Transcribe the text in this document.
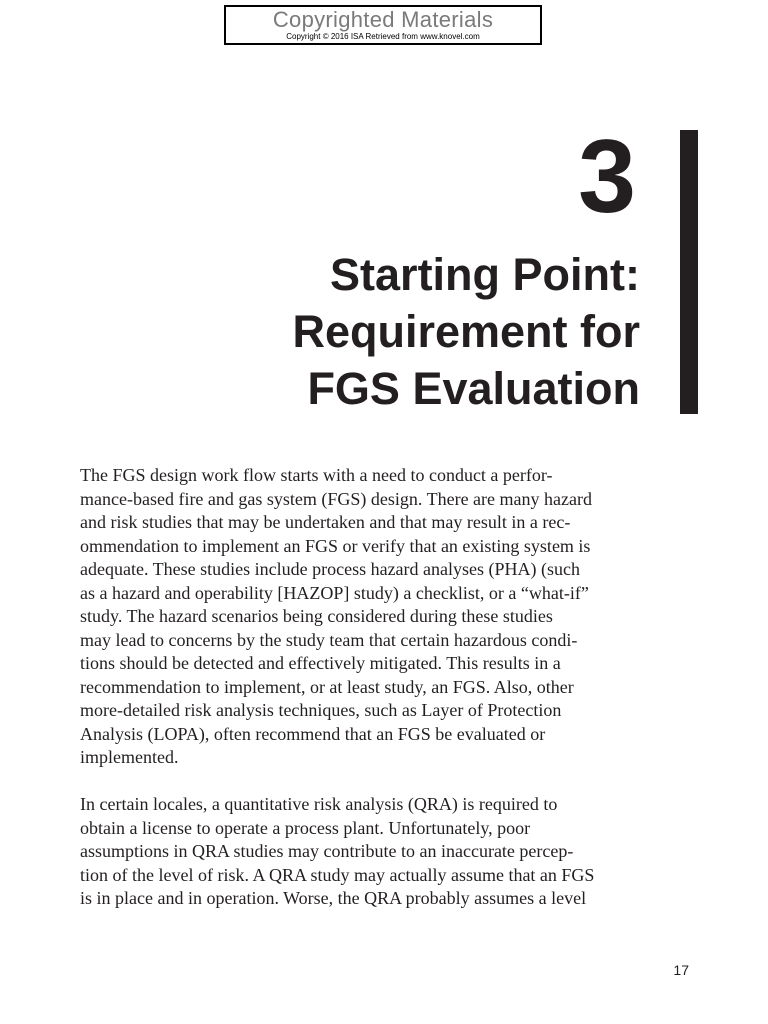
Copyrighted Materials
Copyright © 2016 ISA Retrieved from www.knovel.com
3
Starting Point:
Requirement for
FGS Evaluation

The FGS design work flow starts with a need to conduct a perfor-
mance-based fire and gas system (FGS) design. There are many hazard
and risk studies that may be undertaken and that may result in a rec-
ommendation to implement an FGS or verify that an existing system is
adequate. These studies include process hazard analyses (PHA) (such
as a hazard and operability [HAZOP] study) a checklist, or a “what-if”
study. The hazard scenarios being considered during these studies
may lead to concerns by the study team that certain hazardous condi-
tions should be detected and effectively mitigated. This results in a
recommendation to implement, or at least study, an FGS. Also, other
more-detailed risk analysis techniques, such as Layer of Protection
Analysis (LOPA), often recommend that an FGS be evaluated or
implemented.

In certain locales, a quantitative risk analysis (QRA) is required to
obtain a license to operate a process plant. Unfortunately, poor
assumptions in QRA studies may contribute to an inaccurate percep-
tion of the level of risk. A QRA study may actually assume that an FGS
is in place and in operation. Worse, the QRA probably assumes a level

17
